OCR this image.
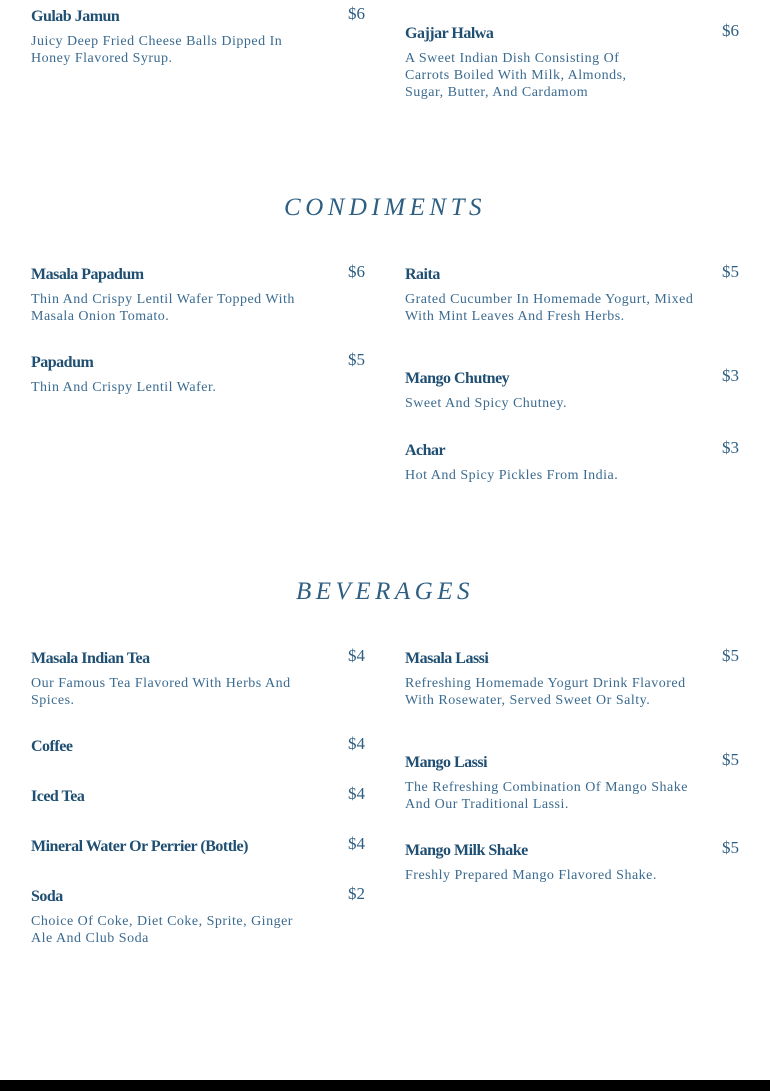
Gulab Jamun	$6
Juicy Deep Fried Cheese Balls Dipped In Honey Flavored Syrup.
Gajjar Halwa	$6
A Sweet Indian Dish Consisting Of Carrots Boiled With Milk, Almonds, Sugar, Butter, And Cardamom
CONDIMENTS
Masala Papadum	$6
Thin And Crispy Lentil Wafer Topped With Masala Onion Tomato.
Papadum	$5
Thin And Crispy Lentil Wafer.
Raita	$5
Grated Cucumber In Homemade Yogurt, Mixed With Mint Leaves And Fresh Herbs.
Mango Chutney	$3
Sweet And Spicy Chutney.
Achar	$3
Hot And Spicy Pickles From India.
BEVERAGES
Masala Indian Tea	$4
Our Famous Tea Flavored With Herbs And Spices.
Coffee	$4
Iced Tea	$4
Mineral Water Or Perrier (Bottle)	$4
Soda	$2
Choice Of Coke, Diet Coke, Sprite, Ginger Ale And Club Soda
Masala Lassi	$5
Refreshing Homemade Yogurt Drink Flavored With Rosewater, Served Sweet Or Salty.
Mango Lassi	$5
The Refreshing Combination Of Mango Shake And Our Traditional Lassi.
Mango Milk Shake	$5
Freshly Prepared Mango Flavored Shake.
